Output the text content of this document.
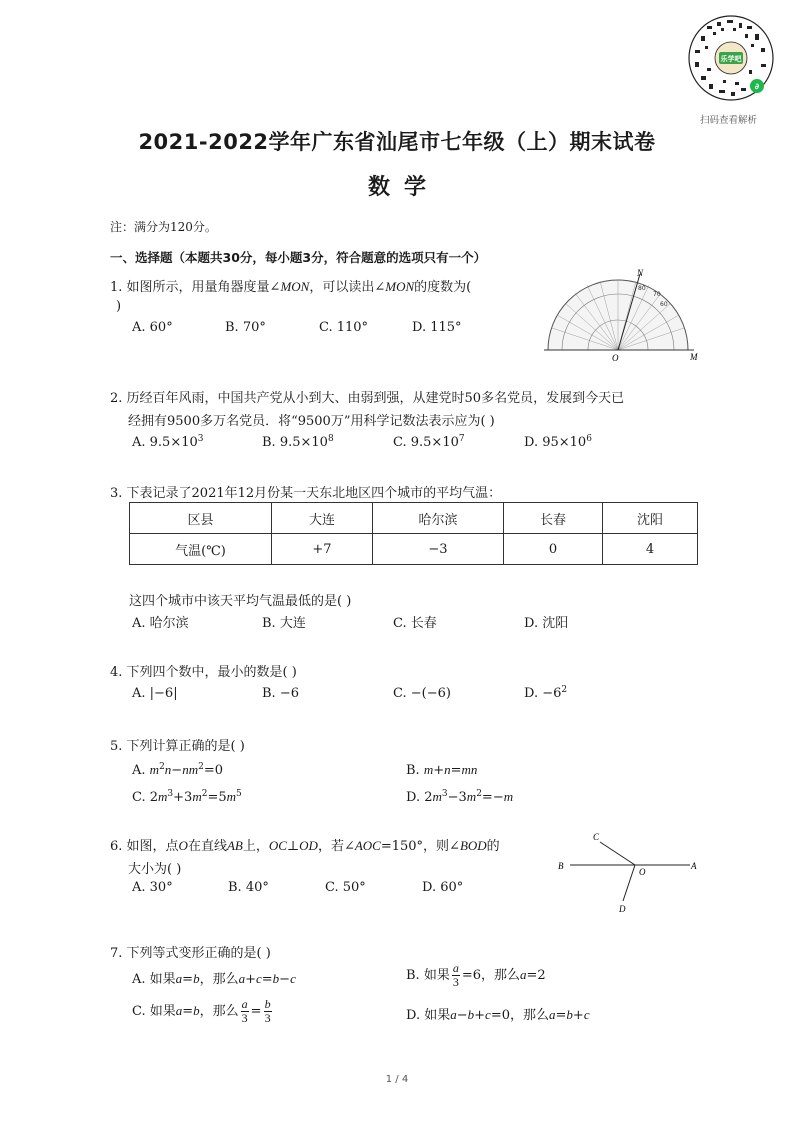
乐学吧
∂
扫码查看解析
2021-2022学年广东省汕尾市七年级（上）期末试卷
数学
注：满分为120分。
一、选择题（本题共30分，每小题3分，符合题意的选项只有一个）
1. 如图所示，用量角器度量∠MON，可以读出∠MON的度数为(
)
A. 60°	B. 70°	C. 110°	D. 115°
N
O	M
70
80
60
2. 历经百年风雨，中国共产党从小到大、由弱到强，从建党时50多名党员，发展到今天已
经拥有9500多万名党员．将“9500万”用科学记数法表示应为( )
A. $9.5\times 10^3$	B. $9.5\times 10^8$	C. $9.5\times 10^7$	D. $95\times 10^6$
3. 下表记录了2021年12月份某一天东北地区四个城市的平均气温：
区县	大连	哈尔滨	长春	沈阳
气温(℃)	+7	−3	0	4
这四个城市中该天平均气温最低的是( )
A. 哈尔滨	B. 大连	C. 长春	D. 沈阳
4. 下列四个数中，最小的数是( )
A. |−6|	B. −6	C. −(−6)	D. $-6^2$
5. 下列计算正确的是( )
A. $m^2n-nm^2=0$	B. m+n=mn
C. $2m^3+3m^2=5m^5$	D. $2m^3-3m^2=-m$
6. 如图，点O在直线AB上，OC⊥OD，若∠AOC=150°，则∠BOD的
大小为( )
A. 30°	B. 40°	C. 50°	D. 60°
C
B
O
A
D
7. 下列等式变形正确的是( )
A. 如果a=b，那么a+c=b−c	B. 如果 $\frac{a}{3} =6$，那么a=2
C. 如果a=b，那么 $\frac{a}{3} = \frac{b}{3}$	D. 如果a−b+c=0，那么a=b+c
1 / 4
